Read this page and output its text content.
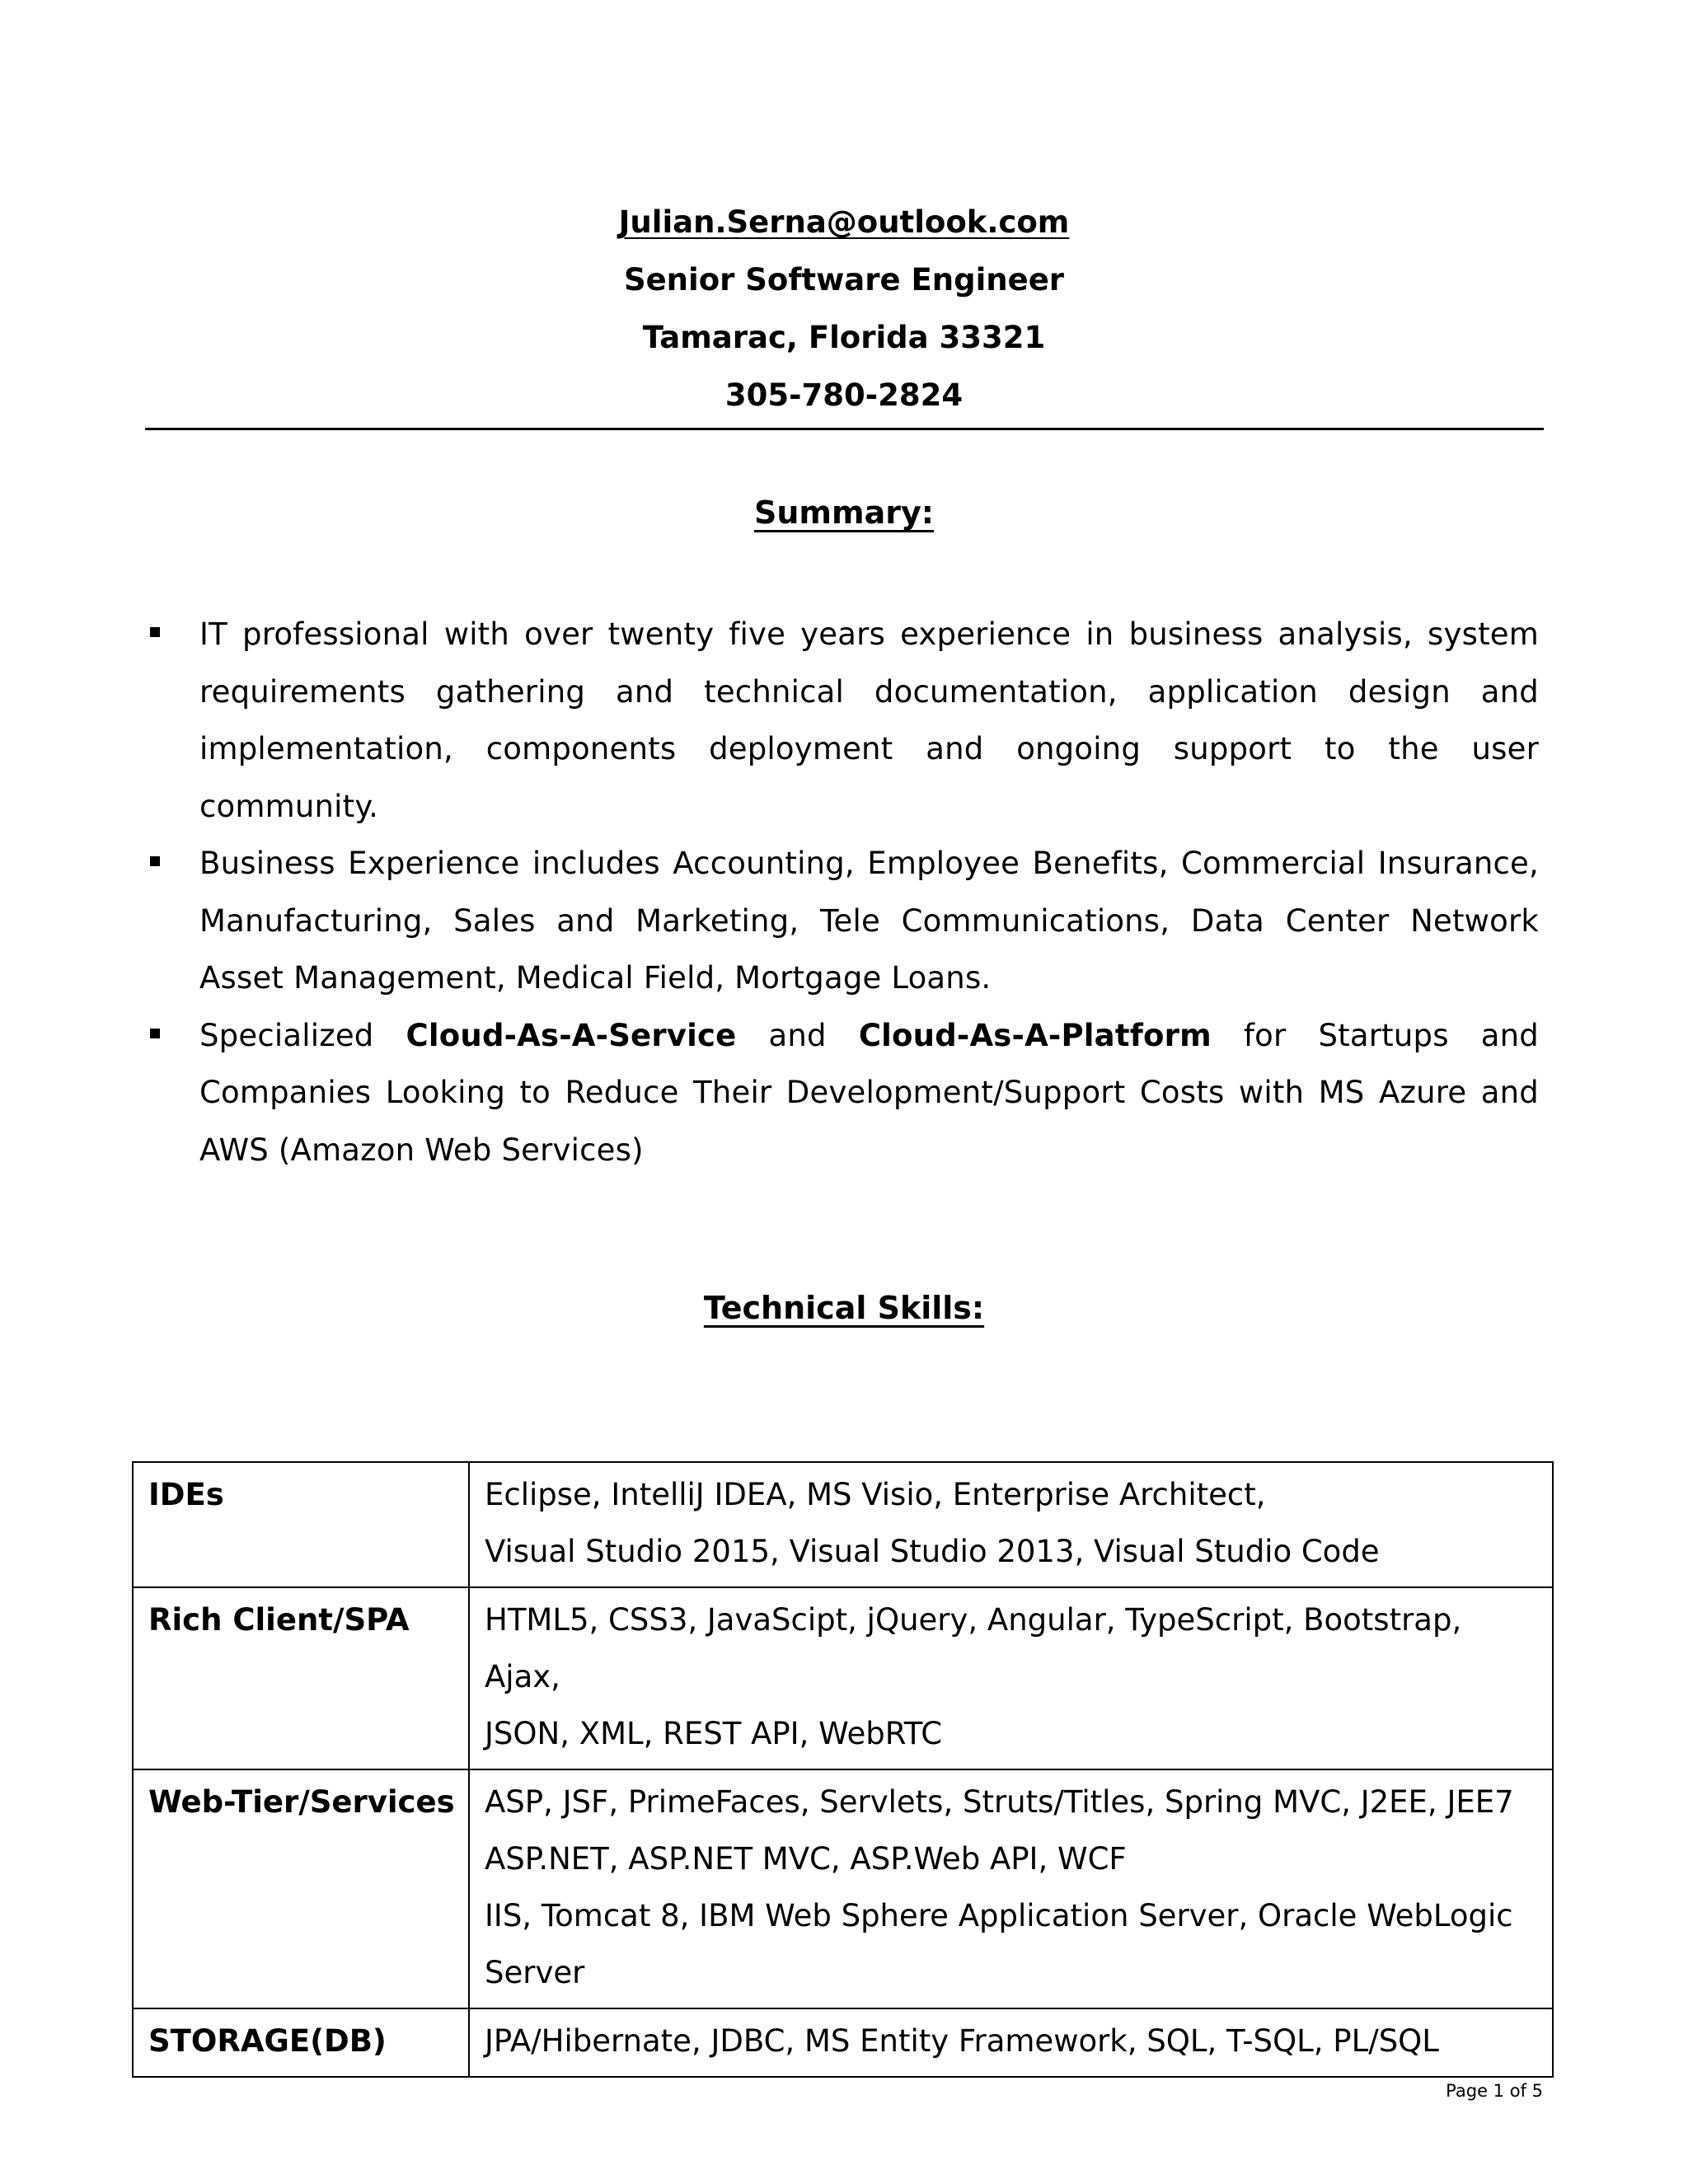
Julian.Serna@outlook.com
Senior Software Engineer
Tamarac, Florida 33321
305-780-2824
Summary:
IT professional with over twenty five years experience in business analysis, system requirements gathering and technical documentation, application design and implementation, components deployment and ongoing support to the user community.
Business Experience includes Accounting, Employee Benefits, Commercial Insurance, Manufacturing, Sales and Marketing, Tele Communications, Data Center Network Asset Management, Medical Field, Mortgage Loans.
Specialized Cloud-As-A-Service and Cloud-As-A-Platform for Startups and Companies Looking to Reduce Their Development/Support Costs with MS Azure and AWS (Amazon Web Services)
Technical Skills:
IDEs	Eclipse, IntelliJ IDEA, MS Visio, Enterprise Architect,
Visual Studio 2015, Visual Studio 2013, Visual Studio Code

Rich Client/SPA	HTML5, CSS3, JavaScipt, jQuery, Angular, TypeScript, Bootstrap, Ajax,
JSON, XML, REST API, WebRTC

Web-Tier/Services	ASP, JSF, PrimeFaces, Servlets, Struts/Titles, Spring MVC, J2EE, JEE7
ASP.NET, ASP.NET MVC, ASP.Web API, WCF
IIS, Tomcat 8, IBM Web Sphere Application Server, Oracle WebLogic
Server

STORAGE(DB)	JPA/Hibernate, JDBC, MS Entity Framework, SQL, T-SQL, PL/SQL
Page 1 of 5
